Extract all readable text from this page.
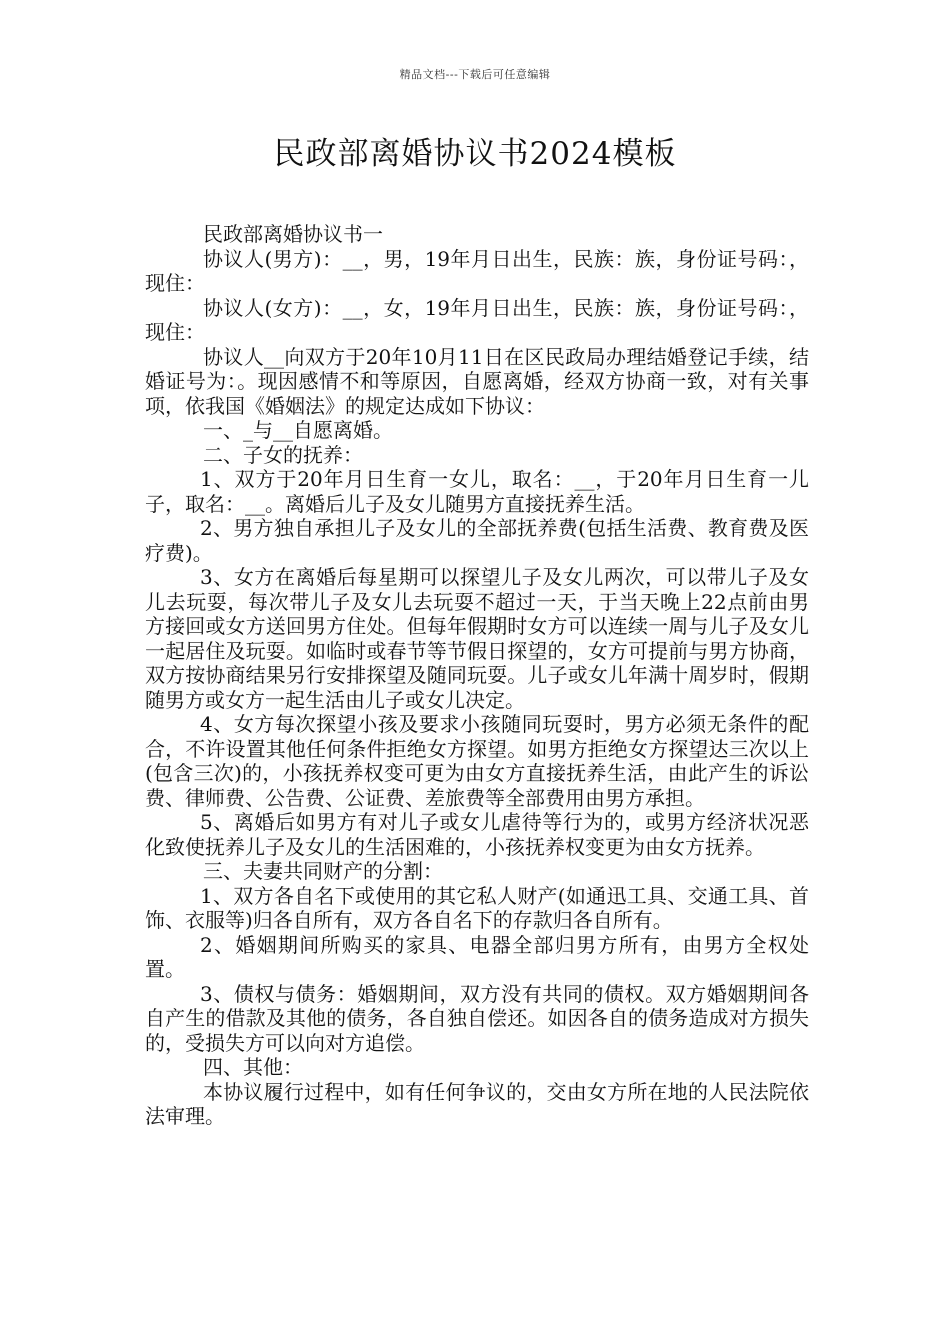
精品文档---下载后可任意编辑
民政部离婚协议书2024模板

民政部离婚协议书一

协议人(男方)：__，男，19年月日出生，民族：族，身份证号码：，现住：

协议人(女方)：__，女，19年月日出生，民族：族，身份证号码：，现住：

协议人__向双方于20年10月11日在区民政局办理结婚登记手续，结婚证号为：。现因感情不和等原因，自愿离婚，经双方协商一致，对有关事项，依我国《婚姻法》的规定达成如下协议：

一、_与__自愿离婚。

二、子女的抚养：

1、双方于20年月日生育一女儿，取名：__，于20年月日生育一儿子，取名：__。离婚后儿子及女儿随男方直接抚养生活。

2、男方独自承担儿子及女儿的全部抚养费(包括生活费、教育费及医疗费)。

3、女方在离婚后每星期可以探望儿子及女儿两次，可以带儿子及女儿去玩耍，每次带儿子及女儿去玩耍不超过一天，于当天晚上22点前由男方接回或女方送回男方住处。但每年假期时女方可以连续一周与儿子及女儿一起居住及玩耍。如临时或春节等节假日探望的，女方可提前与男方协商，双方按协商结果另行安排探望及随同玩耍。儿子或女儿年满十周岁时，假期随男方或女方一起生活由儿子或女儿决定。

4、女方每次探望小孩及要求小孩随同玩耍时，男方必须无条件的配合，不许设置其他任何条件拒绝女方探望。如男方拒绝女方探望达三次以上(包含三次)的，小孩抚养权变可更为由女方直接抚养生活，由此产生的诉讼费、律师费、公告费、公证费、差旅费等全部费用由男方承担。

5、离婚后如男方有对儿子或女儿虐待等行为的，或男方经济状况恶化致使抚养儿子及女儿的生活困难的，小孩抚养权变更为由女方抚养。

三、夫妻共同财产的分割：

1、双方各自名下或使用的其它私人财产(如通迅工具、交通工具、首饰、衣服等)归各自所有，双方各自名下的存款归各自所有。

2、婚姻期间所购买的家具、电器全部归男方所有，由男方全权处置。

3、债权与债务：婚姻期间，双方没有共同的债权。双方婚姻期间各自产生的借款及其他的债务，各自独自偿还。如因各自的债务造成对方损失的，受损失方可以向对方追偿。

四、其他：

本协议履行过程中，如有任何争议的，交由女方所在地的人民法院依法审理。
